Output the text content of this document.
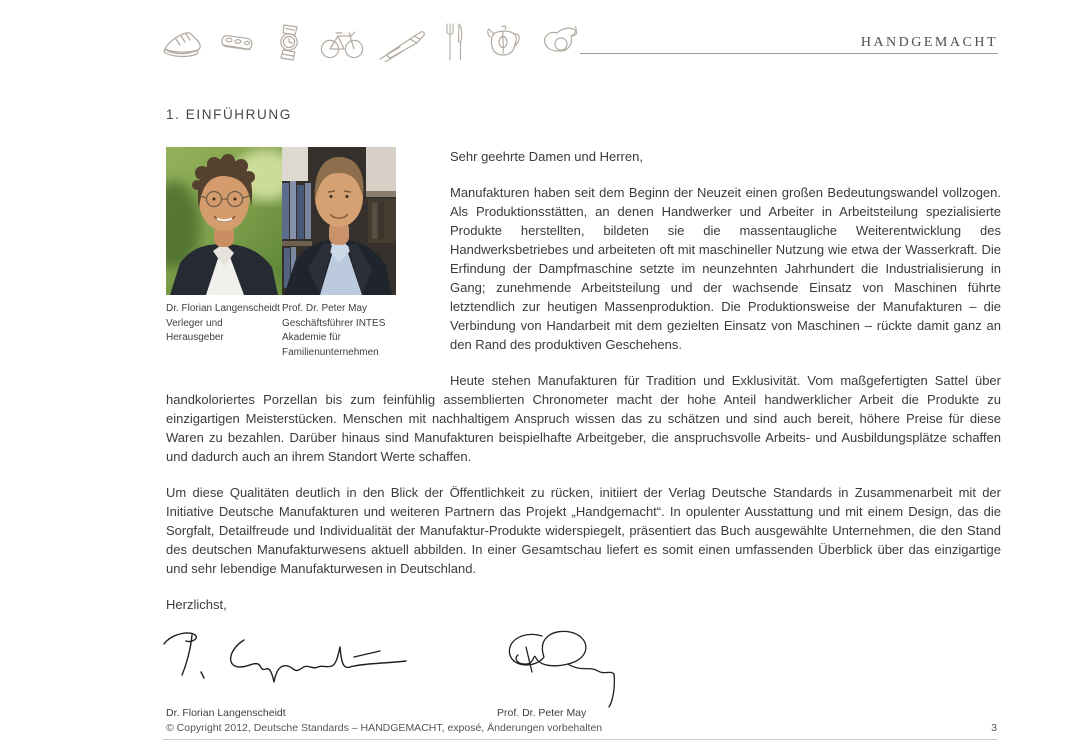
HANDGEMACHT
1. EINFÜHRUNG
Dr. Florian Langenscheidt
Verleger und Herausgeber
Prof. Dr. Peter May
Geschäftsführer INTES Akademie für Familienunternehmen

Sehr geehrte Damen und Herren,

Manufakturen haben seit dem Beginn der Neuzeit einen großen Bedeutungswandel vollzogen. Als Produktionsstätten, an denen Handwerker und Arbeiter in Arbeitsteilung spezialisierte Produkte herstellten, bildeten sie die massentaugliche Weiterentwicklung des Handwerksbetriebes und arbeiteten oft mit maschineller Nutzung wie etwa der Wasserkraft. Die Erfindung der Dampfmaschine setzte im neunzehnten Jahrhundert die Industrialisierung in Gang; zunehmende Arbeitsteilung und der wachsende Einsatz von Maschinen führte letztendlich zur heutigen Massenproduktion. Die Produktionsweise der Manufakturen – die Verbindung von Handarbeit mit dem gezielten Einsatz von Maschinen – rückte damit ganz an den Rand des produktiven Geschehens.

Heute stehen Manufakturen für Tradition und Exklusivität. Vom maßgefertigten Sattel über handkoloriertes Porzellan bis zum feinfühlig assemblierten Chronometer macht der hohe Anteil handwerklicher Arbeit die Produkte zu einzigartigen Meisterstücken. Menschen mit nachhaltigem Anspruch wissen das zu schätzen und sind auch bereit, höhere Preise für diese Waren zu bezahlen. Darüber hinaus sind Manufakturen beispielhafte Arbeitgeber, die anspruchsvolle Arbeits- und Ausbildungsplätze schaffen und dadurch auch an ihrem Standort Werte schaffen.

Um diese Qualitäten deutlich in den Blick der Öffentlichkeit zu rücken, initiiert der Verlag Deutsche Standards in Zusammenarbeit mit der Initiative Deutsche Manufakturen und weiteren Partnern das Projekt „Handgemacht“. In opulenter Ausstattung und mit einem Design, das die Sorgfalt, Detailfreude und Individualität der Manufaktur-Produkte widerspiegelt, präsentiert das Buch ausgewählte Unternehmen, die den Stand des deutschen Manufakturwesens aktuell abbilden. In einer Gesamtschau liefert es somit einen umfassenden Überblick über das einzigartige und sehr lebendige Manufakturwesen in Deutschland.

Herzlichst,

Dr. Florian Langenscheidt	Prof. Dr. Peter May
© Copyright 2012, Deutsche Standards – HANDGEMACHT, exposé, Änderungen vorbehalten	3
